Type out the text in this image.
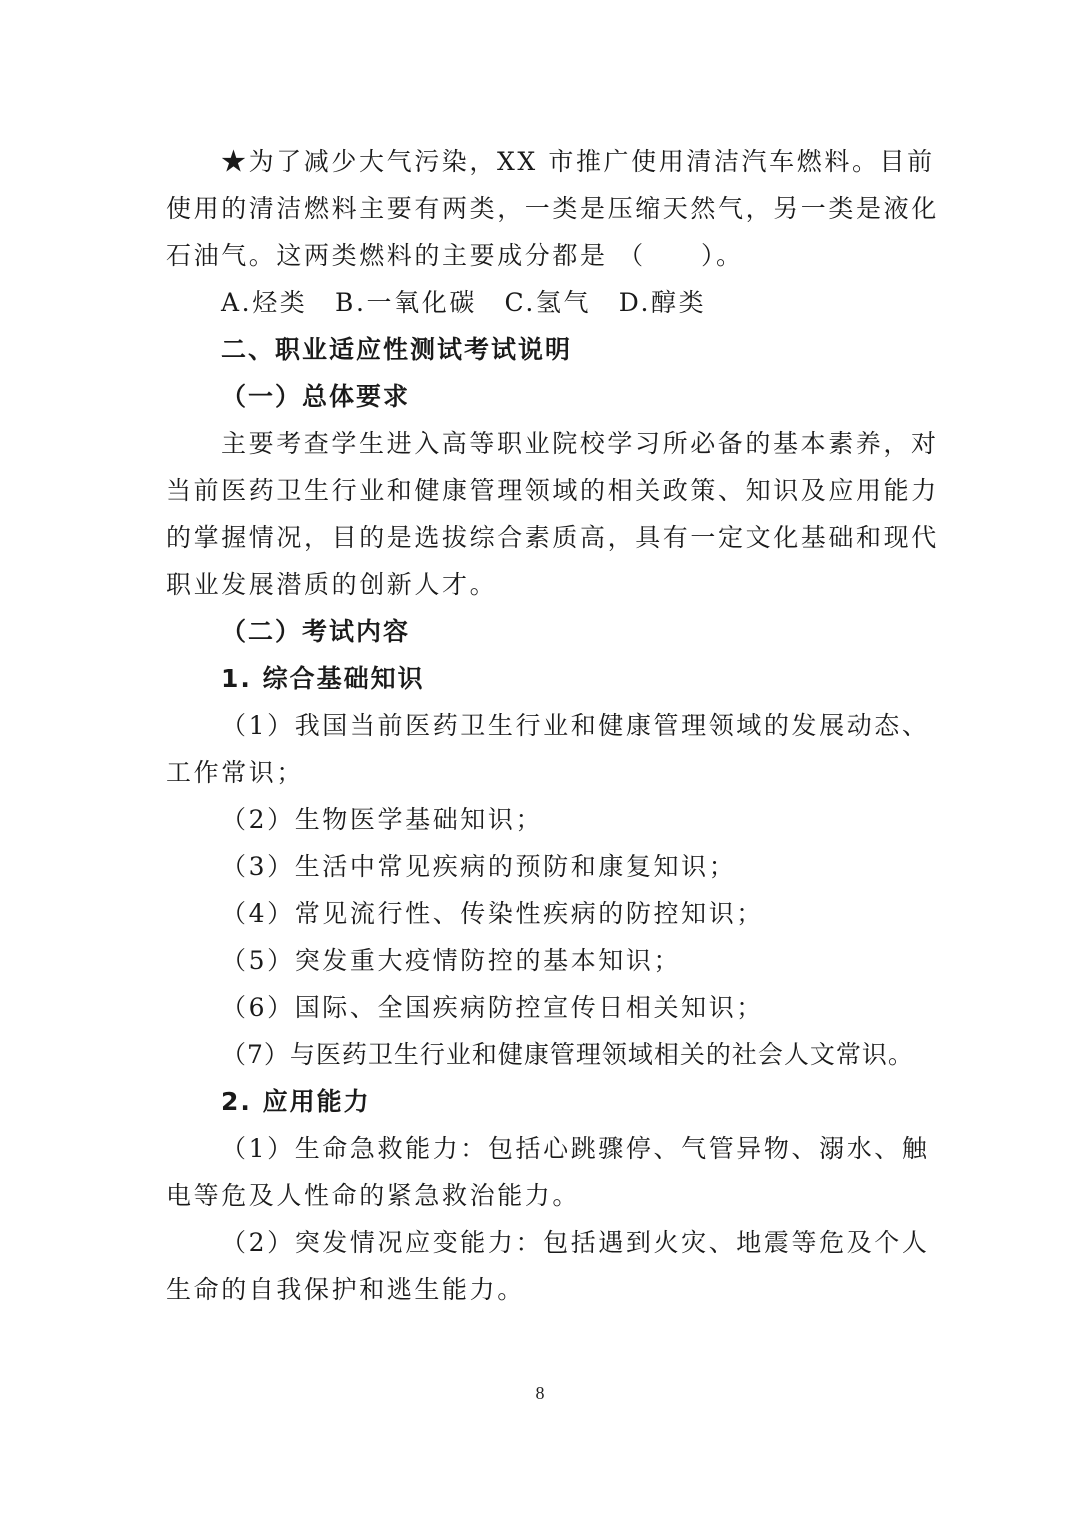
★为了减少大气污染，XX 市推广使用清洁汽车燃料。目前
使用的清洁燃料主要有两类，一类是压缩天然气，另一类是液化
石油气。这两类燃料的主要成分都是 （　　）。
A.烃类　B.一氧化碳　C.氢气　D.醇类
二、职业适应性测试考试说明
（一）总体要求
主要考查学生进入高等职业院校学习所必备的基本素养，对
当前医药卫生行业和健康管理领域的相关政策、知识及应用能力
的掌握情况，目的是选拔综合素质高，具有一定文化基础和现代
职业发展潜质的创新人才。
（二）考试内容
1. 综合基础知识
（1）我国当前医药卫生行业和健康管理领域的发展动态、
工作常识；
（2）生物医学基础知识；
（3）生活中常见疾病的预防和康复知识；
（4）常见流行性、传染性疾病的防控知识；
（5）突发重大疫情防控的基本知识；
（6）国际、全国疾病防控宣传日相关知识；
（7）与医药卫生行业和健康管理领域相关的社会人文常识。
2. 应用能力
（1）生命急救能力：包括心跳骤停、气管异物、溺水、触
电等危及人性命的紧急救治能力。
（2）突发情况应变能力：包括遇到火灾、地震等危及个人
生命的自我保护和逃生能力。
8
